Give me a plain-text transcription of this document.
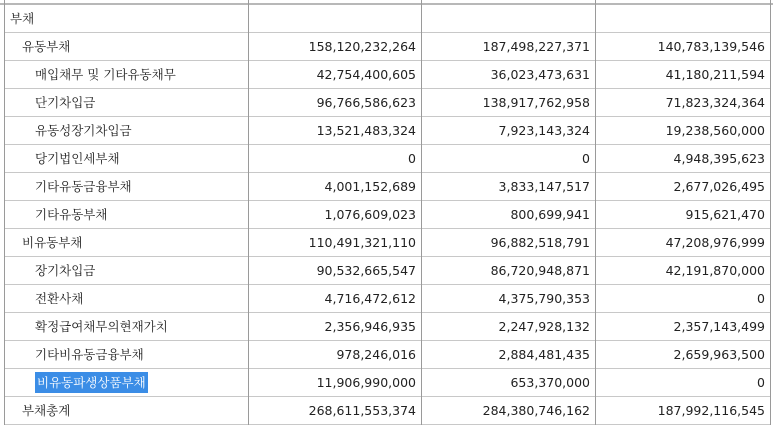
부채
유동부채	158,120,232,264	187,498,227,371	140,783,139,546
매입채무 및 기타유동채무	42,754,400,605	36,023,473,631	41,180,211,594
단기차입금	96,766,586,623	138,917,762,958	71,823,324,364
유동성장기차입금	13,521,483,324	7,923,143,324	19,238,560,000
당기법인세부채	0	0	4,948,395,623
기타유동금융부채	4,001,152,689	3,833,147,517	2,677,026,495
기타유동부채	1,076,609,023	800,699,941	915,621,470
비유동부채	110,491,321,110	96,882,518,791	47,208,976,999
장기차입금	90,532,665,547	86,720,948,871	42,191,870,000
전환사채	4,716,472,612	4,375,790,353	0
확정급여채무의현재가치	2,356,946,935	2,247,928,132	2,357,143,499
기타비유동금융부채	978,246,016	2,884,481,435	2,659,963,500
비유동파생상품부채	11,906,990,000	653,370,000	0
부채총계	268,611,553,374	284,380,746,162	187,992,116,545
